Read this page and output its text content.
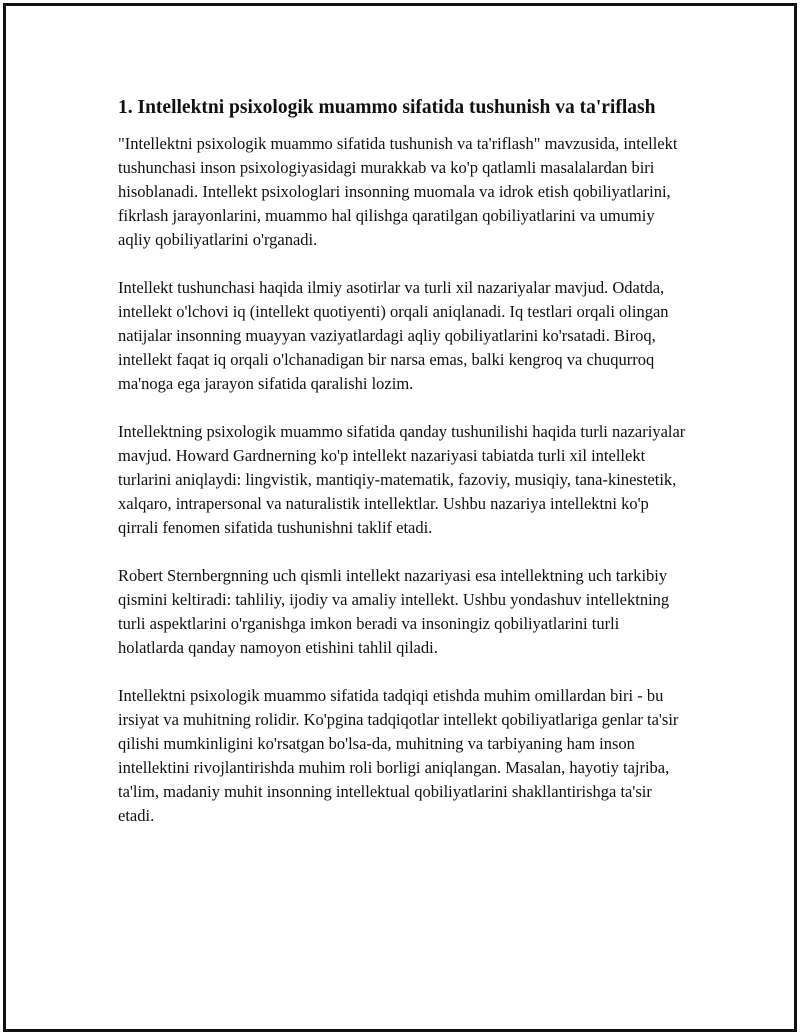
1. Intellektni psixologik muammo sifatida tushunish va ta'riflash

"Intellektni psixologik muammo sifatida tushunish va ta'riflash" mavzusida, intellekt tushunchasi inson psixologiyasidagi murakkab va ko'p qatlamli masalalardan biri hisoblanadi. Intellekt psixologlari insonning muomala va idrok etish qobiliyatlarini, fikrlash jarayonlarini, muammo hal qilishga qaratilgan qobiliyatlarini va umumiy aqliy qobiliyatlarini o'rganadi.

Intellekt tushunchasi haqida ilmiy asotirlar va turli xil nazariyalar mavjud. Odatda, intellekt o'lchovi iq (intellekt quotiyenti) orqali aniqlanadi. Iq testlari orqali olingan natijalar insonning muayyan vaziyatlardagi aqliy qobiliyatlarini ko'rsatadi. Biroq, intellekt faqat iq orqali o'lchanadigan bir narsa emas, balki kengroq va chuqurroq ma'noga ega jarayon sifatida qaralishi lozim.

Intellektning psixologik muammo sifatida qanday tushunilishi haqida turli nazariyalar mavjud. Howard Gardnerning ko'p intellekt nazariyasi tabiatda turli xil intellekt turlarini aniqlaydi: lingvistik, mantiqiy-matematik, fazoviy, musiqiy, tana-kinestetik, xalqaro, intrapersonal va naturalistik intellektlar. Ushbu nazariya intellektni ko'p qirrali fenomen sifatida tushunishni taklif etadi.

Robert Sternbergnning uch qismli intellekt nazariyasi esa intellektning uch tarkibiy qismini keltiradi: tahliliy, ijodiy va amaliy intellekt. Ushbu yondashuv intellektning turli aspektlarini o'rganishga imkon beradi va insoningiz qobiliyatlarini turli holatlarda qanday namoyon etishini tahlil qiladi.

Intellektni psixologik muammo sifatida tadqiqi etishda muhim omillardan biri - bu irsiyat va muhitning rolidir. Ko'pgina tadqiqotlar intellekt qobiliyatlariga genlar ta'sir qilishi mumkinligini ko'rsatgan bo'lsa-da, muhitning va tarbiyaning ham inson intellektini rivojlantirishda muhim roli borligi aniqlangan. Masalan, hayotiy tajriba, ta'lim, madaniy muhit insonning intellektual qobiliyatlarini shakllantirishga ta'sir etadi.
